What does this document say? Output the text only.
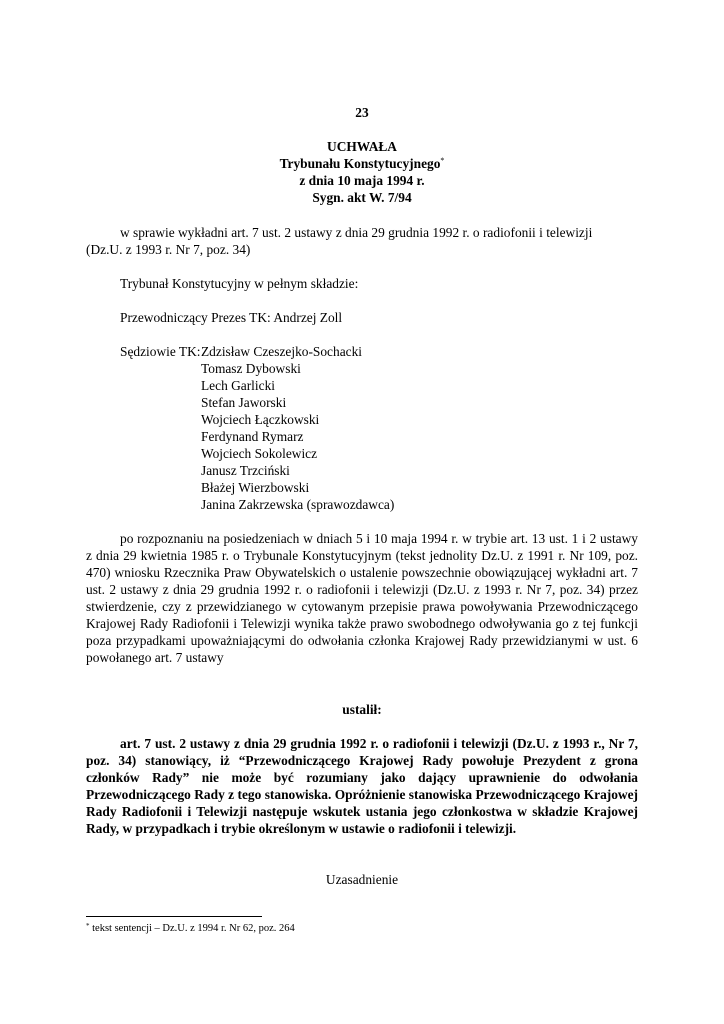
23
UCHWAŁA
Trybunału Konstytucyjnego*
z dnia 10 maja 1994 r.
Sygn. akt W. 7/94
w sprawie wykładni art. 7 ust. 2 ustawy z dnia 29 grudnia 1992 r. o radiofonii i telewizji
(Dz.U. z 1993 r. Nr 7, poz. 34)
Trybunał Konstytucyjny w pełnym składzie:
Przewodniczący Prezes TK: Andrzej Zoll
Sędziowie TK: Zdzisław Czeszejko-Sochacki
Tomasz Dybowski
Lech Garlicki
Stefan Jaworski
Wojciech Łączkowski
Ferdynand Rymarz
Wojciech Sokolewicz
Janusz Trzciński
Błażej Wierzbowski
Janina Zakrzewska (sprawozdawca)
po rozpoznaniu na posiedzeniach w dniach 5 i 10 maja 1994 r. w trybie art. 13 ust. 1 i 2 ustawy z dnia 29 kwietnia 1985 r. o Trybunale Konstytucyjnym (tekst jednolity Dz.U. z 1991 r. Nr 109, poz. 470) wniosku Rzecznika Praw Obywatelskich o ustalenie powszechnie obowiązującej wykładni art. 7 ust. 2 ustawy z dnia 29 grudnia 1992 r. o radiofonii i telewizji (Dz.U. z 1993 r. Nr 7, poz. 34) przez stwierdzenie, czy z przewidzianego w cytowanym przepisie prawa powoływania Przewodniczącego Krajowej Rady Radiofonii i Telewizji wynika także prawo swobodnego odwoływania go z tej funkcji poza przypadkami upoważniającymi do odwołania członka Krajowej Rady przewidzianymi w ust. 6 powołanego art. 7 ustawy
ustalił:
art. 7 ust. 2 ustawy z dnia 29 grudnia 1992 r. o radiofonii i telewizji (Dz.U. z 1993 r., Nr 7, poz. 34) stanowiący, iż “Przewodniczącego Krajowej Rady powołuje Prezydent z grona członków Rady” nie może być rozumiany jako dający uprawnienie do odwołania Przewodniczącego Rady z tego stanowiska. Opróżnienie stanowiska Przewodniczącego Krajowej Rady Radiofonii i Telewizji następuje wskutek ustania jego członkostwa w składzie Krajowej Rady, w przypadkach i trybie określonym w ustawie o radiofonii i telewizji.
Uzasadnienie
* tekst sentencji – Dz.U. z 1994 r. Nr 62, poz. 264
